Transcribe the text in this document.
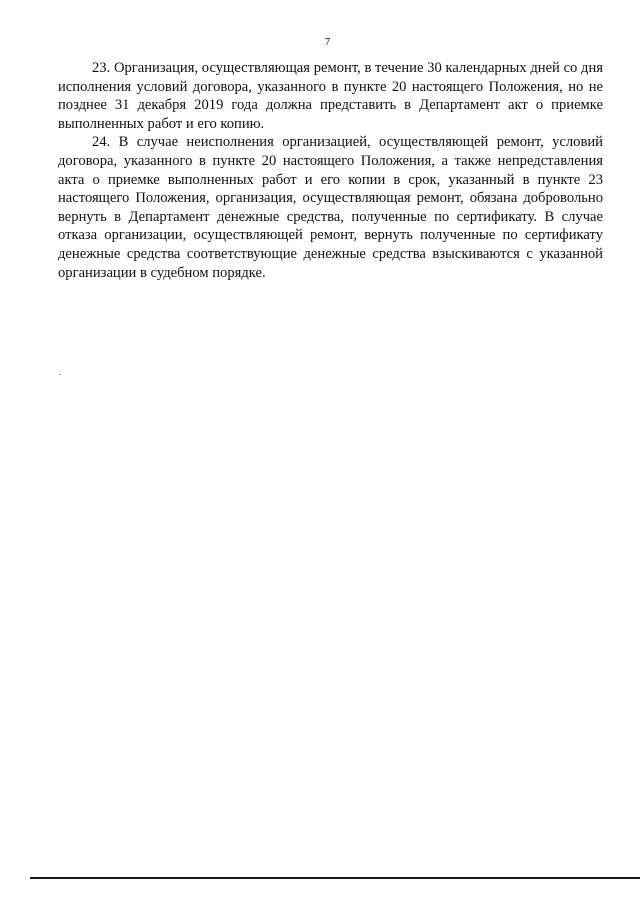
7

23. Организация, осуществляющая ремонт, в течение 30 календарных дней со дня исполнения условий договора, указанного в пункте 20 настоящего Положения, но не позднее 31 декабря 2019 года должна представить в Департамент акт о приемке выполненных работ и его копию.

24. В случае неисполнения организацией, осуществляющей ремонт, условий договора, указанного в пункте 20 настоящего Положения, а также непредставления акта о приемке выполненных работ и его копии в срок, указанный в пункте 23 настоящего Положения, организация, осуществляющая ремонт, обязана добровольно вернуть в Департамент денежные средства, полученные по сертификату. В случае отказа организации, осуществляющей ремонт, вернуть полученные по сертификату денежные средства соответствующие денежные средства взыскиваются с указанной организации в судебном порядке.
